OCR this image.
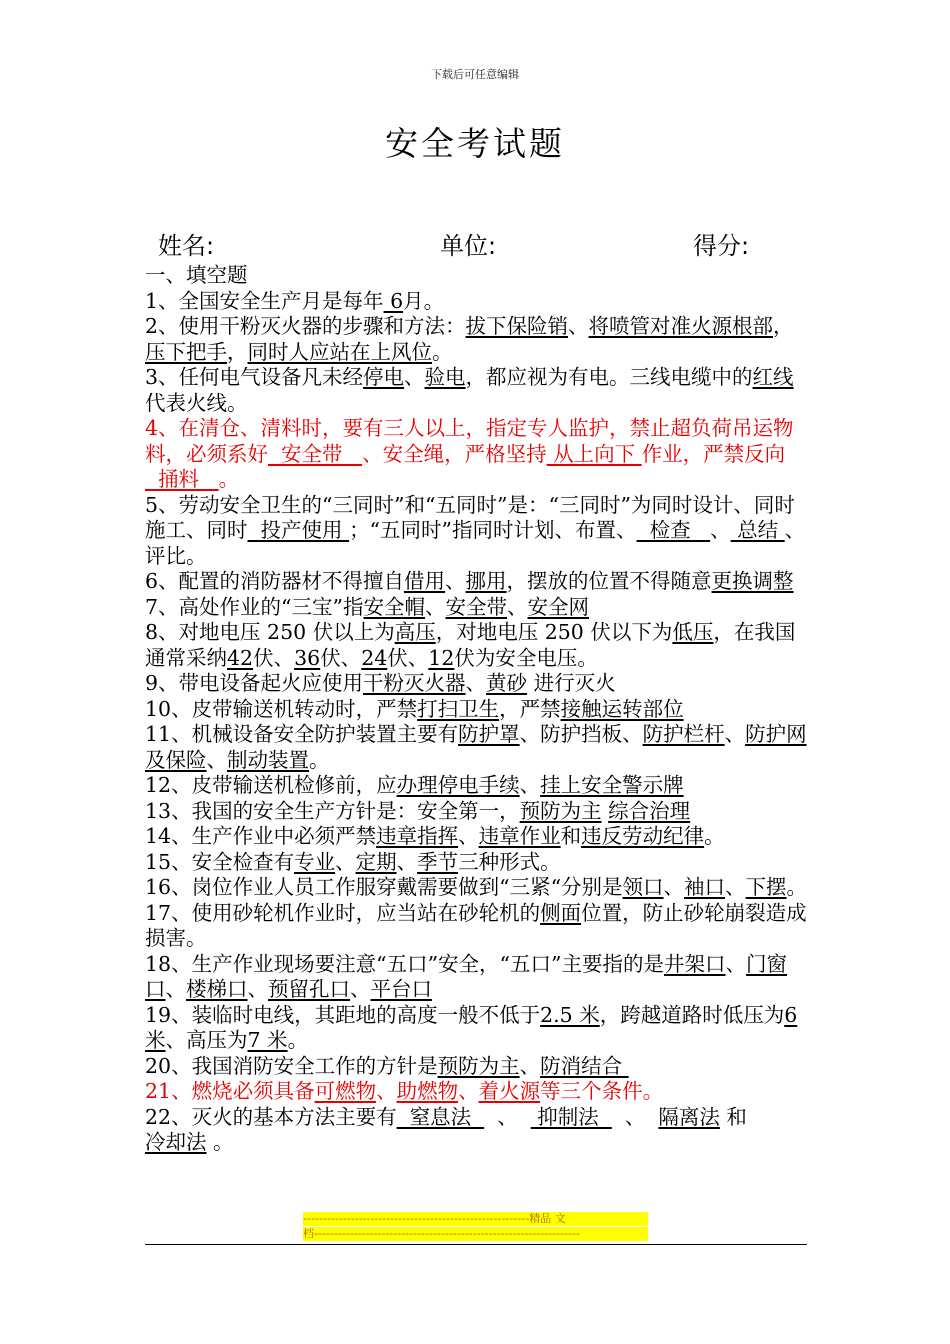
下载后可任意编辑
安全考试题
姓名:	单位:	得分:

一、填空题

1、全国安全生产月是每年 6月。

2、使用干粉灭火器的步骤和方法：拔下保险销、将喷管对准火源根部，压下把手，同时人应站在上风位。

3、任何电气设备凡未经停电、验电，都应视为有电。三线电缆中的红线代表火线。

4、在清仓、清料时，要有三人以上，指定专人监护，禁止超负荷吊运物料，必须系好  安全带   、安全绳，严格坚持 从上向下 作业，严禁反向  捅料   。

5、劳动安全卫生的“三同时”和“五同时”是：“三同时”为同时设计、同时施工、同时  投产使用 ；“五同时”指同时计划、布置、  检查   、 总结 、评比。

6、配置的消防器材不得擅自借用、挪用，摆放的位置不得随意更换调整

7、高处作业的“三宝”指安全帽、安全带、安全网

8、对地电压 250 伏以上为高压，对地电压 250 伏以下为低压，在我国通常采纳42伏、36伏、24伏、12伏为安全电压。

9、带电设备起火应使用干粉灭火器、黄砂 进行灭火

10、皮带输送机转动时，严禁打扫卫生，严禁接触运转部位

11、机械设备安全防护装置主要有防护罩、防护挡板、防护栏杆、防护网及保险、制动装置。

12、皮带输送机检修前，应办理停电手续、挂上安全警示牌

13、我国的安全生产方针是：安全第一，预防为主 综合治理

14、生产作业中必须严禁违章指挥、违章作业和违反劳动纪律。

15、安全检查有专业、定期、季节三种形式。

16、岗位作业人员工作服穿戴需要做到“三紧“分别是领口、袖口、下摆。

17、使用砂轮机作业时，应当站在砂轮机的侧面位置，防止砂轮崩裂造成损害。

18、生产作业现场要注意“五口”安全，“五口”主要指的是井架口、门窗口、楼梯口、预留孔口、平台口

19、装临时电线，其距地的高度一般不低于2.5 米，跨越道路时低压为6 米、高压为7 米。

20、我国消防安全工作的方针是预防为主、防消结合

21、燃烧必须具备可燃物、助燃物、着火源等三个条件。

22、灭火的基本方法主要有  窒息法    、   抑制法    、  隔离法 和
冷却法 。

---------------------------------------------------------精品 文
档-------------------------------------------------------------------
